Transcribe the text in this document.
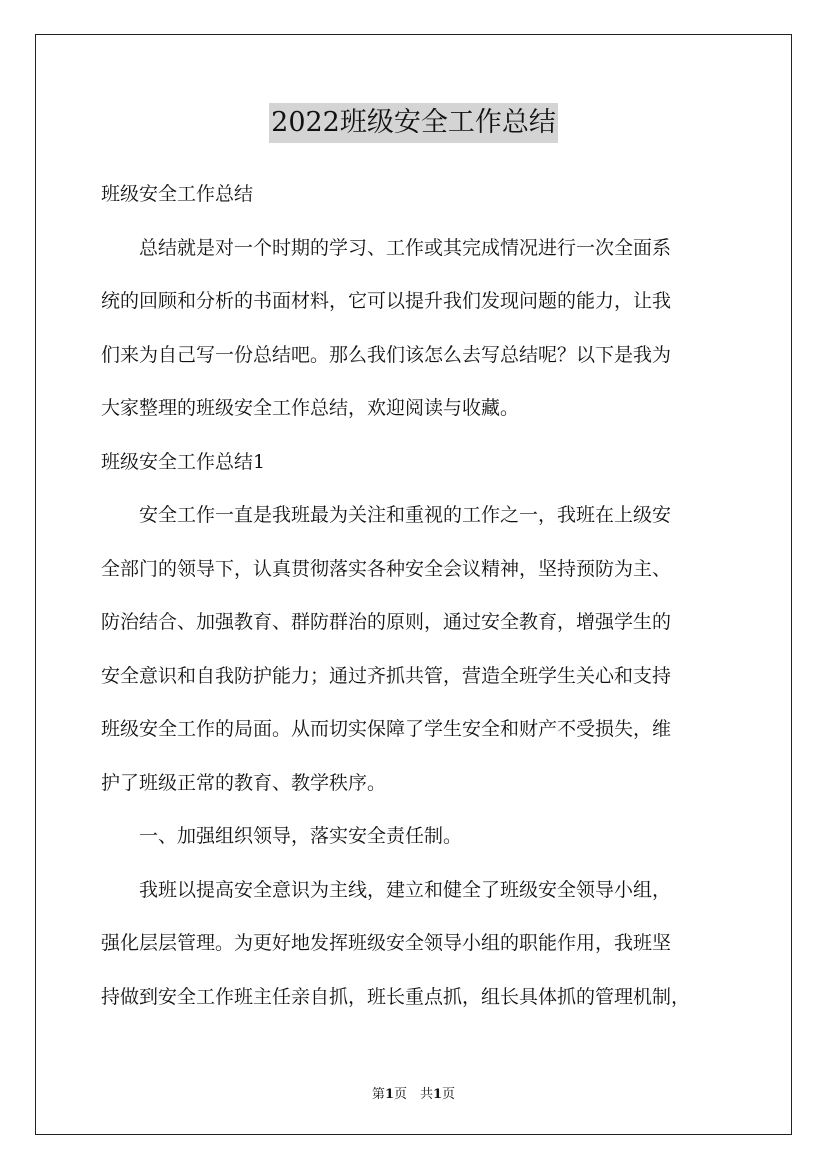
2022班级安全工作总结
班级安全工作总结
　　总结就是对一个时期的学习、工作或其完成情况进行一次全面系
统的回顾和分析的书面材料，它可以提升我们发现问题的能力，让我
们来为自己写一份总结吧。那么我们该怎么去写总结呢？以下是我为
大家整理的班级安全工作总结，欢迎阅读与收藏。
班级安全工作总结1
　　安全工作一直是我班最为关注和重视的工作之一，我班在上级安
全部门的领导下，认真贯彻落实各种安全会议精神，坚持预防为主、
防治结合、加强教育、群防群治的原则，通过安全教育，增强学生的
安全意识和自我防护能力；通过齐抓共管，营造全班学生关心和支持
班级安全工作的局面。从而切实保障了学生安全和财产不受损失，维
护了班级正常的教育、教学秩序。
　　一、加强组织领导，落实安全责任制。
　　我班以提高安全意识为主线，建立和健全了班级安全领导小组，
强化层层管理。为更好地发挥班级安全领导小组的职能作用，我班坚
持做到安全工作班主任亲自抓，班长重点抓，组长具体抓的管理机制，
第1页　共1页
